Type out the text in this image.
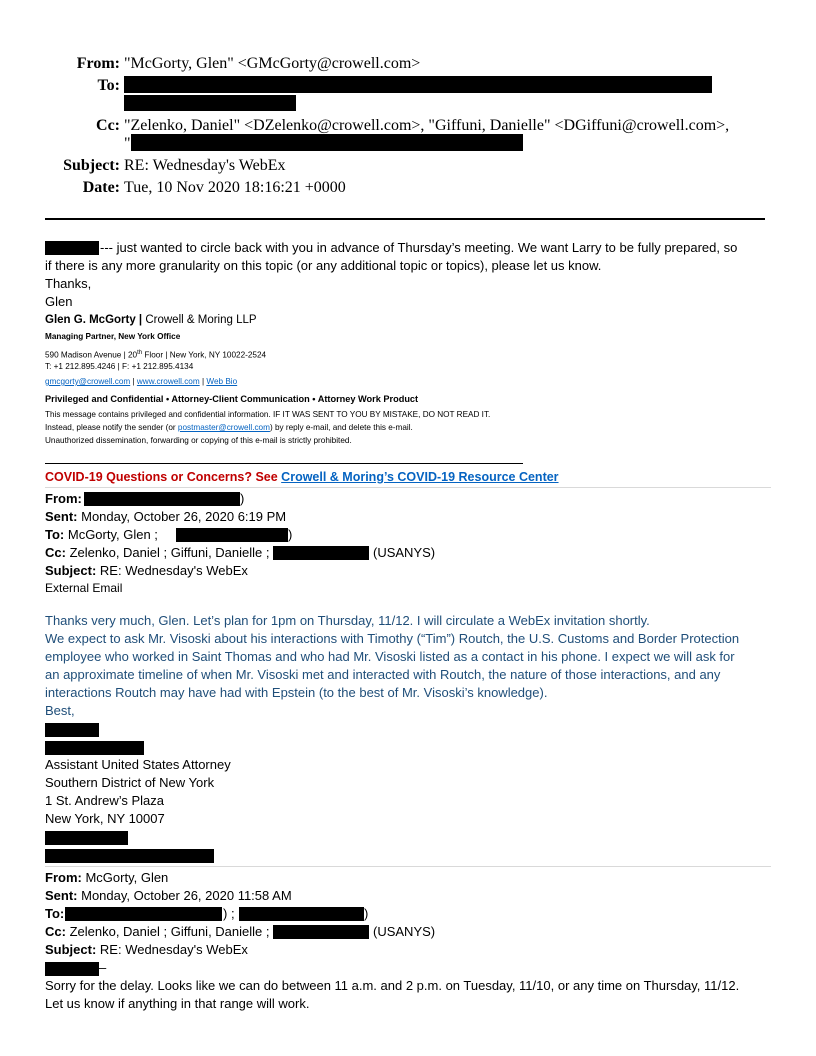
From: "McGorty, Glen" <GMcGorty@crowell.com>
To:
Cc: "Zelenko, Daniel" <DZelenko@crowell.com>, "Giffuni, Danielle" <DGiffuni@crowell.com>,
"
Subject: RE: Wednesday's WebEx
Date: Tue, 10 Nov 2020 18:16:21 +0000
--- just wanted to circle back with you in advance of Thursday’s meeting. We want Larry to be fully prepared, so
if there is any more granularity on this topic (or any additional topic or topics), please let us know.
Thanks,
Glen
Glen G. McGorty | Crowell & Moring LLP
Managing Partner, New York Office
590 Madison Avenue | 20th Floor | New York, NY 10022-2524
T: +1 212.895.4246 | F: +1 212.895.4134
gmcgorty@crowell.com | www.crowell.com | Web Bio
Privileged and Confidential • Attorney-Client Communication • Attorney Work Product
This message contains privileged and confidential information. IF IT WAS SENT TO YOU BY MISTAKE, DO NOT READ IT.
Instead, please notify the sender (or postmaster@crowell.com) by reply e-mail, and delete this e-mail.
Unauthorized dissemination, forwarding or copying of this e-mail is strictly prohibited.
COVID-19 Questions or Concerns? See Crowell & Moring’s COVID-19 Resource Center
From:	)
Sent: Monday, October 26, 2020 6:19 PM
To: McGorty, Glen ;	)
Cc: Zelenko, Daniel ; Giffuni, Danielle ;	(USANYS)
Subject: RE: Wednesday's WebEx
External Email
Thanks very much, Glen. Let’s plan for 1pm on Thursday, 11/12. I will circulate a WebEx invitation shortly.
We expect to ask Mr. Visoski about his interactions with Timothy (“Tim”) Routch, the U.S. Customs and Border Protection
employee who worked in Saint Thomas and who had Mr. Visoski listed as a contact in his phone. I expect we will ask for
an approximate timeline of when Mr. Visoski met and interacted with Routch, the nature of those interactions, and any
interactions Routch may have had with Epstein (to the best of Mr. Visoski’s knowledge).
Best,
Assistant United States Attorney
Southern District of New York
1 St. Andrew’s Plaza
New York, NY 10007
From: McGorty, Glen
Sent: Monday, October 26, 2020 11:58 AM
To:	) ;	)
Cc: Zelenko, Daniel ; Giffuni, Danielle ;	(USANYS)
Subject: RE: Wednesday's WebEx
–
Sorry for the delay. Looks like we can do between 11 a.m. and 2 p.m. on Tuesday, 11/10, or any time on Thursday, 11/12.
Let us know if anything in that range will work.
